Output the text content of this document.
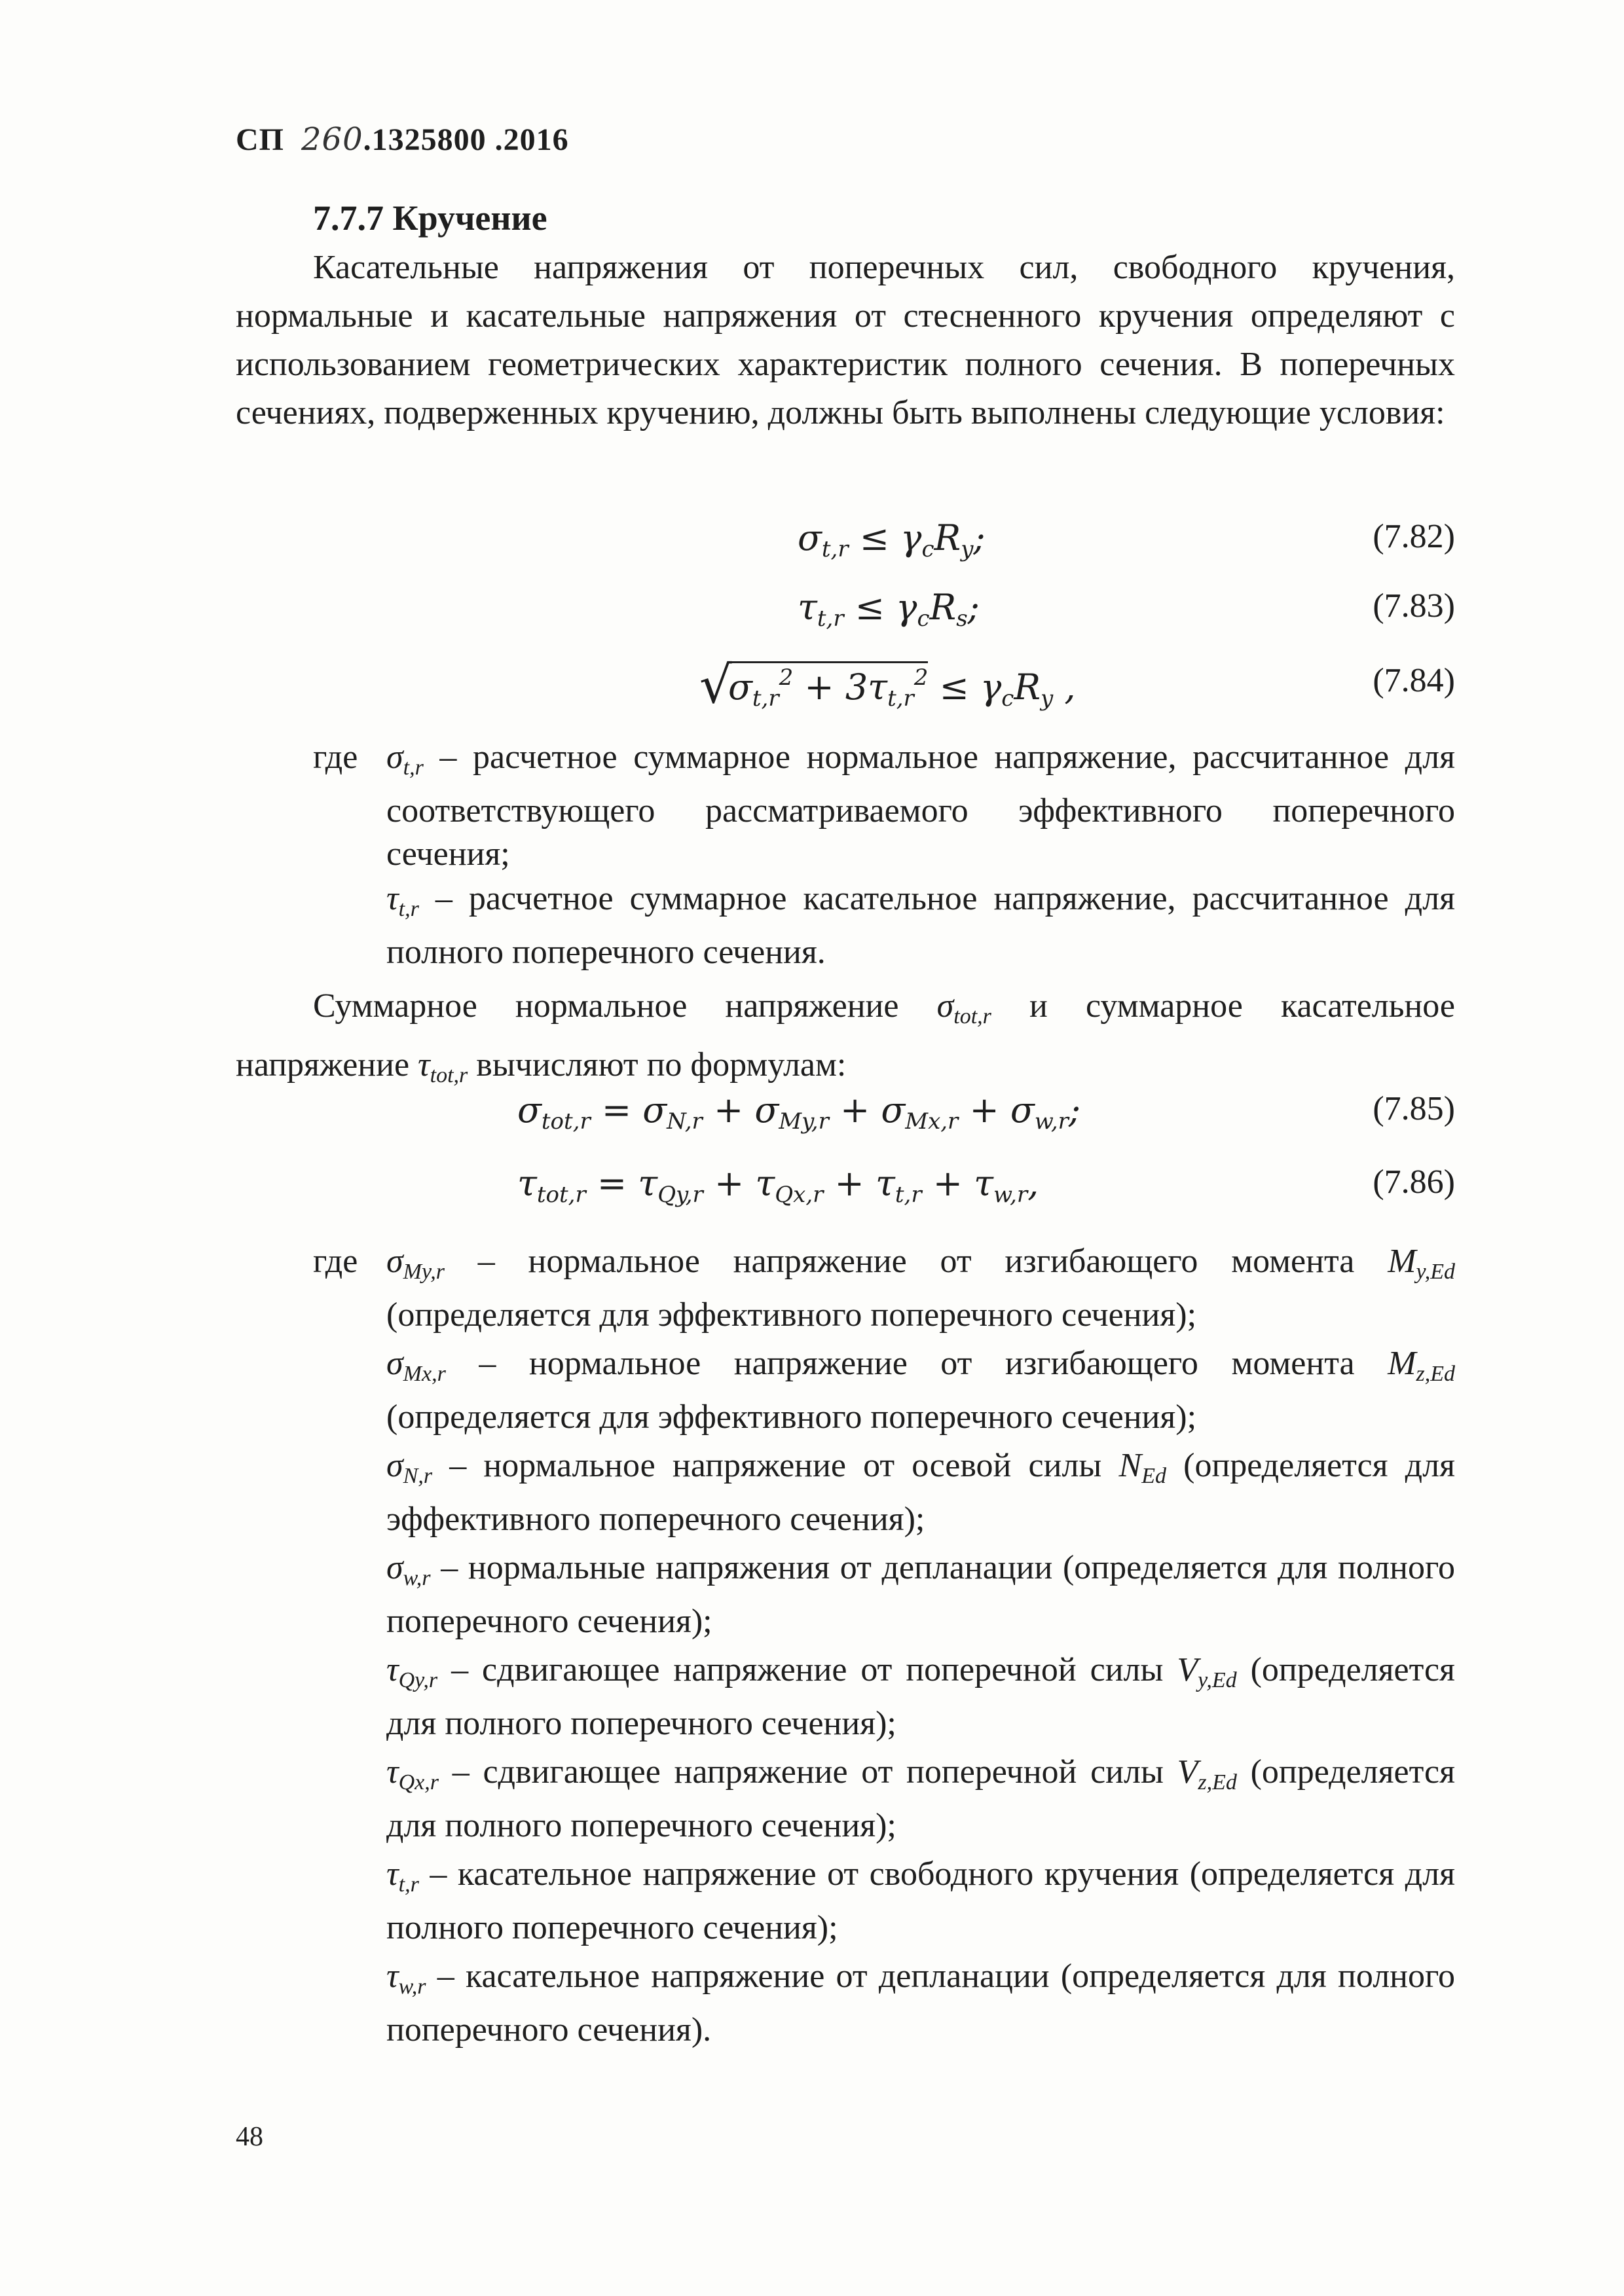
СП 260.1325800 .2016
7.7.7 Кручение
Касательные напряжения от поперечных сил, свободного кручения, нормальные и касательные напряжения от стесненного кручения определяют с использованием геометрических характеристик полного сечения. В поперечных сечениях, подверженных кручению, должны быть выполнены следующие условия:
$\sigma_{t,r} \le \gamma_cR_y$;	(7.82)
$\tau_{t,r} \le \gamma_cR_s$;	(7.83)
√
$\sigma_{t,r}^2 + 3\tau_{t,r}^2 \le \gamma_cR_y$ ,	(7.84)
где $\sigma_{t,r}$ – расчетное суммарное нормальное напряжение, рассчитанное для соответствующего рассматриваемого эффективного поперечного сечения;
$\tau_{t,r}$ – расчетное суммарное касательное напряжение, рассчитанное для полного поперечного сечения.
Суммарное нормальное напряжение $\sigma_{tot,r}$ и суммарное касательное напряжение $\tau_{tot,r}$ вычисляют по формулам:
$\sigma_{tot,r} = \sigma_{N,r} + \sigma_{My,r} + \sigma_{Mx,r} + \sigma_{w,r}$;	(7.85)
$\tau_{tot,r} = \tau_{Qy,r} + \tau_{Qx,r} + \tau_{t,r} + \tau_{w,r}$,	(7.86)
где $\sigma_{My,r}$ – нормальное напряжение от изгибающего момента $M_{y,Ed}$ (определяется для эффективного поперечного сечения);
$\sigma_{Mx,r}$ – нормальное напряжение от изгибающего момента $M_{z,Ed}$ (определяется для эффективного поперечного сечения);
$\sigma_{N,r}$ – нормальное напряжение от осевой силы $N_{Ed}$ (определяется для эффективного поперечного сечения);
$\sigma_{w,r}$ – нормальные напряжения от депланации (определяется для полного поперечного сечения);
$\tau_{Qy,r}$ – сдвигающее напряжение от поперечной силы $V_{y,Ed}$ (определяется для полного поперечного сечения);
$\tau_{Qx,r}$ – сдвигающее напряжение от поперечной силы $V_{z,Ed}$ (определяется для полного поперечного сечения);
$\tau_{t,r}$ – касательное напряжение от свободного кручения (определяется для полного поперечного сечения);
$\tau_{w,r}$ – касательное напряжение от депланации (определяется для полного поперечного сечения).
48
